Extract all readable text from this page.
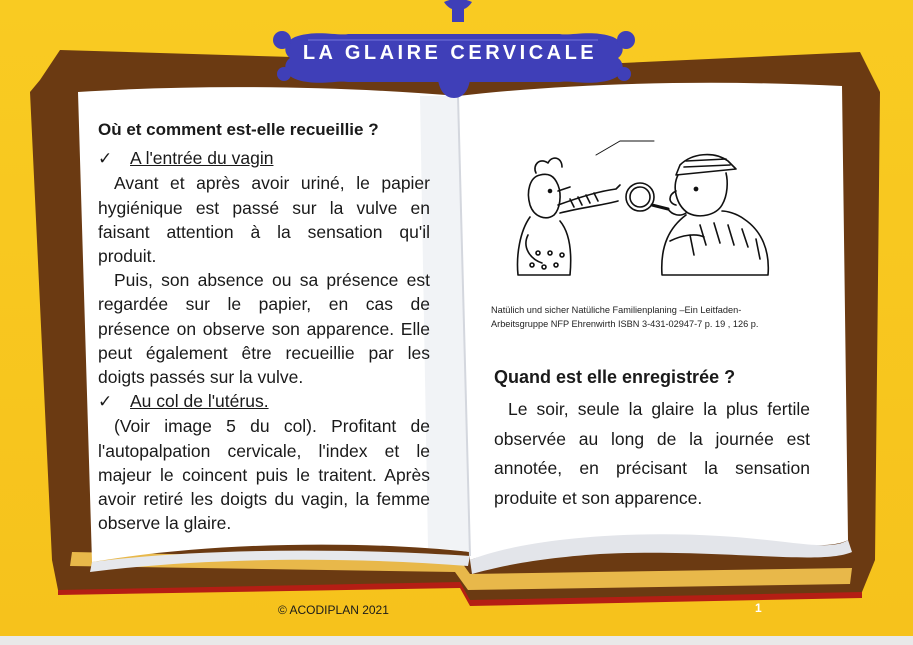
LA GLAIRE CERVICALE
Où et comment est-elle recueillie ?
✓	A l'entrée du vagin

Avant et après avoir uriné, le papier hygiénique est passé sur la vulve en faisant attention à la sensation qu'il produit.

Puis, son absence ou sa présence est regardée sur le papier, en cas de présence on observe son apparence. Elle peut également être recueillie par les doigts passés sur la vulve.

✓	Au col de l'utérus.

(Voir image 5 du col). Profitant de l'autopalpation cervicale, l'index et le majeur le coincent puis le traitent. Après avoir retiré les doigts du vagin, la femme observe la glaire.

Natülich und sicher Natüliche Familienplaning –Ein Leitfaden-
Arbeitsgruppe NFP Ehrenwirth ISBN 3-431-02947-7 p. 19 , 126 p.
Quand est elle enregistrée ?

Le soir, seule la glaire la plus fertile observée au long de la journée est annotée, en précisant la sensation produite et son apparence.

© ACODIPLAN 2021	1
